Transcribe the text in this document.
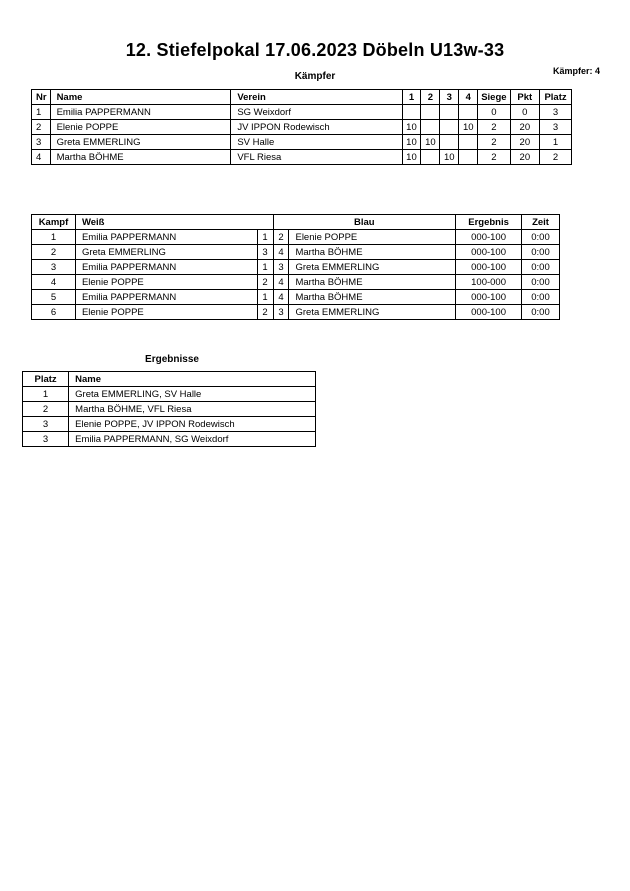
12. Stiefelpokal 17.06.2023 Döbeln U13w-33
Kämpfer: 4
Kämpfer
Nr	Name	Verein	1	2	3	4	Siege	Pkt	Platz
1	Emilia PAPPERMANN	SG Weixdorf					0	0	3
2	Elenie POPPE	JV IPPON Rodewisch	10			10	2	20	3
3	Greta EMMERLING	SV Halle	10	10			2	20	1
4	Martha BÖHME	VFL Riesa	10		10		2	20	2
Kampf	Weiß		Blau		Ergebnis	Zeit
1	Emilia PAPPERMANN	1	2	Elenie POPPE	000-100	0:00
2	Greta EMMERLING	3	4	Martha BÖHME	000-100	0:00
3	Emilia PAPPERMANN	1	3	Greta EMMERLING	000-100	0:00
4	Elenie POPPE	2	4	Martha BÖHME	100-000	0:00
5	Emilia PAPPERMANN	1	4	Martha BÖHME	000-100	0:00
6	Elenie POPPE	2	3	Greta EMMERLING	000-100	0:00
Ergebnisse
Platz	Name
1	Greta EMMERLING, SV Halle
2	Martha BÖHME, VFL Riesa
3	Elenie POPPE, JV IPPON Rodewisch
3	Emilia PAPPERMANN, SG Weixdorf
